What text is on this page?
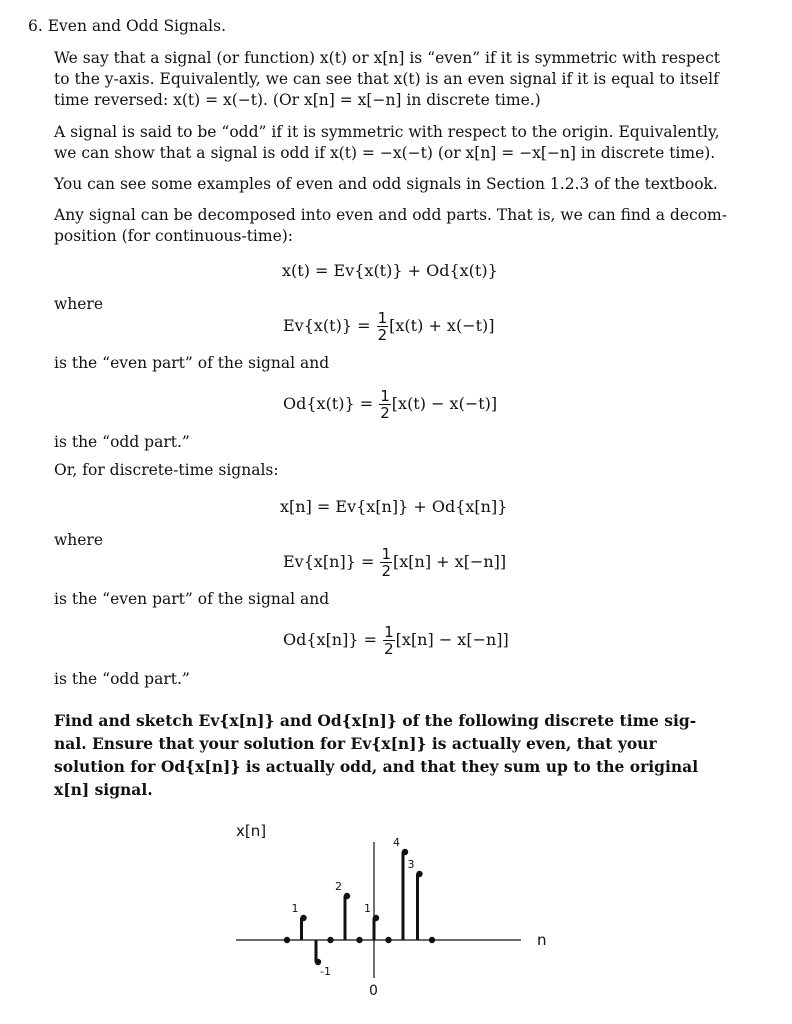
6. Even and Odd Signals.
We say that a signal (or function) x(t) or x[n] is “even” if it is symmetric with respect
to the y-axis. Equivalently, we can see that x(t) is an even signal if it is equal to itself
time reversed: x(t) = x(−t). (Or x[n] = x[−n] in discrete time.)
A signal is said to be “odd” if it is symmetric with respect to the origin. Equivalently,
we can show that a signal is odd if x(t) = −x(−t) (or x[n] = −x[−n] in discrete time).
You can see some examples of even and odd signals in Section 1.2.3 of the textbook.
Any signal can be decomposed into even and odd parts. That is, we can find a decom-
position (for continuous-time):
x(t) = Ev{x(t)} + Od{x(t)}
where
$Ev\{x(t)\} = \frac{1}{2} [x(t) + x(-t)]$
is the “even part” of the signal and
$Od\{x(t)\} = \frac{1}{2} [x(t) - x(-t)]$
is the “odd part.”
Or, for discrete-time signals:
x[n] = Ev{x[n]} + Od{x[n]}
where
$Ev\{x[n]\} = \frac{1}{2} [x[n] + x[-n]]$
is the “even part” of the signal and
$Od\{x[n]\} = \frac{1}{2} [x[n] - x[-n]]$
is the “odd part.”
Find and sketch Ev{x[n]} and Od{x[n]} of the following discrete time sig-
nal. Ensure that your solution for Ev{x[n]} is actually even, that your
solution for Od{x[n]} is actually odd, and that they sum up to the original
x[n] signal.
x[n]
n
0
1
-1
2
1
4
3
